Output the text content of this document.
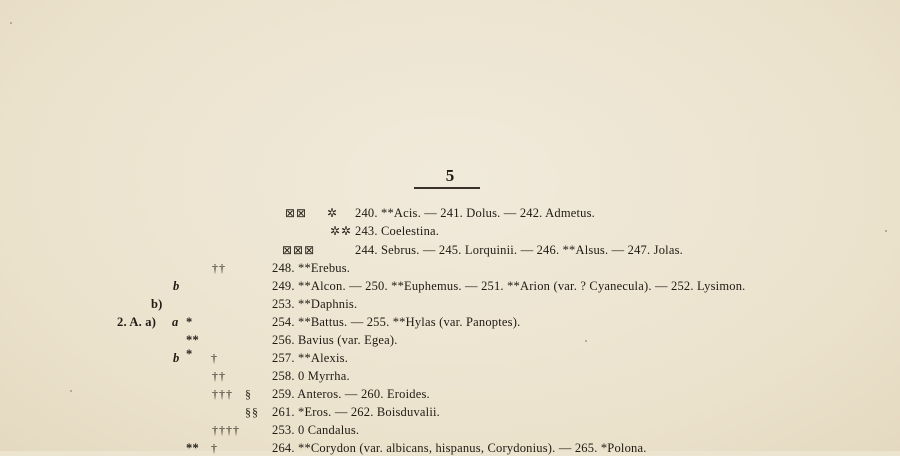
5
⊠⊠ ✲ 240. **Acis. — 241. Dolus. — 242. Admetus.
✲✲ 243. Coelestina.
⊠⊠⊠	244. Sebrus. — 245. Lorquinii. — 246. **Alsus. — 247. Jolas.
††	248. **Erebus.
b	249. **Alcon. — 250. **Euphemus. — 251. **Arion (var. ? Cyanecula). — 252. Lysimon.
b)	253. **Daphnis.
2. A. a) a *	254. **Battus. — 255. **Hylas (var. Panoptes).
**	256. Bavius (var. Egea).
b * †	257. **Alexis.
††	258. 0 Myrrha.
††† § 259. Anteros. — 260. Eroides.
§§ 261. *Eros. — 262. Boisduvalii.
††††	253. 0 Candalus.
** †	264. **Corydon (var. albicans, hispanus, Corydonius). — 265. *Polona.
